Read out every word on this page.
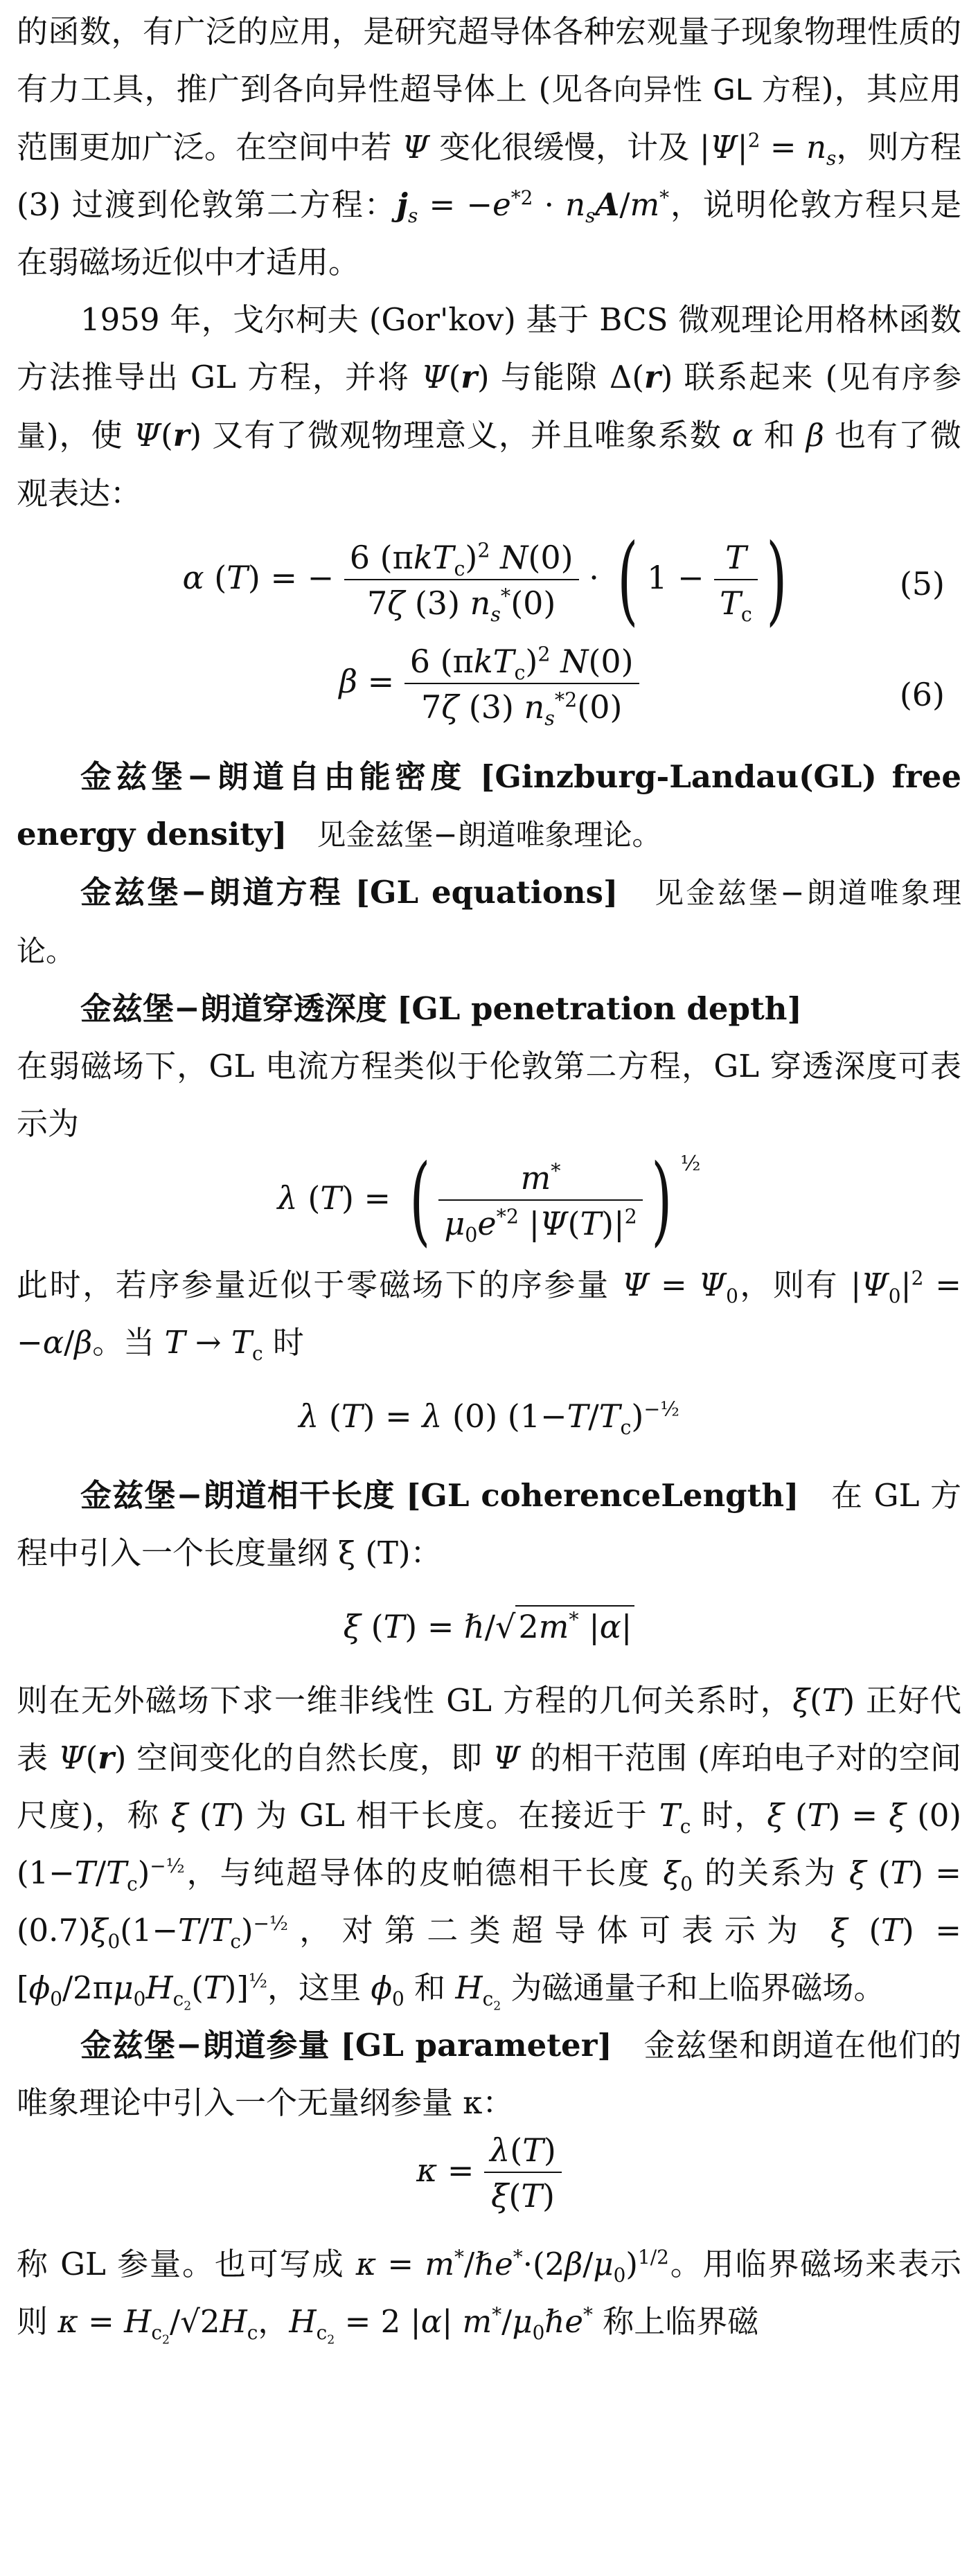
的函数，有广泛的应用，是研究超导体各种宏观量子现象物理性质的有力工具，推广到各向异性超导体上 (见各向异性 GL 方程)，其应用范围更加广泛。在空间中若 Ψ 变化很缓慢，计及 $|\Psi|^2 = n_s$，则方程 (3) 过渡到伦敦第二方程：$j_s = -e^{*2} \cdot n_sA/m^*$，说明伦敦方程只是在弱磁场近似中才适用。

1959 年，戈尔柯夫 (Gor'kov) 基于 BCS 微观理论用格林函数方法推导出 GL 方程，并将 Ψ(r) 与能隙 Δ(r) 联系起来 (见有序参量)，使 Ψ(r) 又有了微观物理意义，并且唯象系数 α 和 β 也有了微观表达：

α (T) = − $\frac{6 (\pi kT_c)^2 N(0)}{7\zeta (3) n_s^*(0)}$ · ( $1 - \frac{T}{T_c}$ )	(5)
$\beta = \frac{6 (\pi kT_c)^2 N(0)}{7\zeta (3) n_s^{*2}(0)}$	(6)

金兹堡−朗道自由能密度 [Ginzburg-Landau(GL) free energy density] 见金兹堡−朗道唯象理论。

金兹堡−朗道方程 [GL equations] 见金兹堡−朗道唯象理论。

金兹堡−朗道穿透深度 [GL penetration depth]

在弱磁场下，GL 电流方程类似于伦敦第二方程，GL 穿透深度可表示为

λ (T) = ( $\frac{m^*}{\mu_0e^{*2} |\Psi(T)|^2}$ ) $^{\frac{1}{2}}$

此时，若序参量近似于零磁场下的序参量 $\Psi = \Psi_0$，则有 $|\Psi_0|^2 = -\alpha/\beta$。当 $T \to T_c$ 时

λ (T) = λ (0) $(1-T/T_c)^{-\frac{1}{2}}$

金兹堡−朗道相干长度 [GL coherenceLength] 在 GL 方程中引入一个长度量纲 ξ (T)：

ξ (T) = ℏ/√2m* |α|

则在无外磁场下求一维非线性 GL 方程的几何关系时，ξ(T) 正好代表 Ψ(r) 空间变化的自然长度，即 Ψ 的相干范围 (库珀电子对的空间尺度)，称 ξ (T) 为 GL 相干长度。在接近于 $T_c$ 时，ξ (T) = ξ (0) $(1-T/T_c)^{-\frac{1}{2}}$，与纯超导体的皮帕德相干长度 $\xi_0$ 的关系为 ξ $(T) = (0.7)\xi_0(1-T/T_c)^{-\frac{1}{2}}$，对第二类超导体可表示为 ξ $(T) = [\phi_0/2\pi\mu_0H_{c_2}(T)]^{\frac{1}{2}}$，这里 $\phi_0$ 和 $H_{c_2}$ 为磁通量子和上临界磁场。

金兹堡−朗道参量 [GL parameter] 金兹堡和朗道在他们的唯象理论中引入一个无量纲参量 κ：

$\kappa = \frac{\lambda(T)}{\xi(T)}$

称 GL 参量。也可写成 $\kappa = m^*/\hbar e^*\cdot(2\beta/\mu_0)^{1/2}$。用临界磁场来表示则 $\kappa = H_{c_2}/√2H_c$，$H_{c_2} = 2$ |α| $m^*/\mu_0\hbar e^*$ 称上临界磁
